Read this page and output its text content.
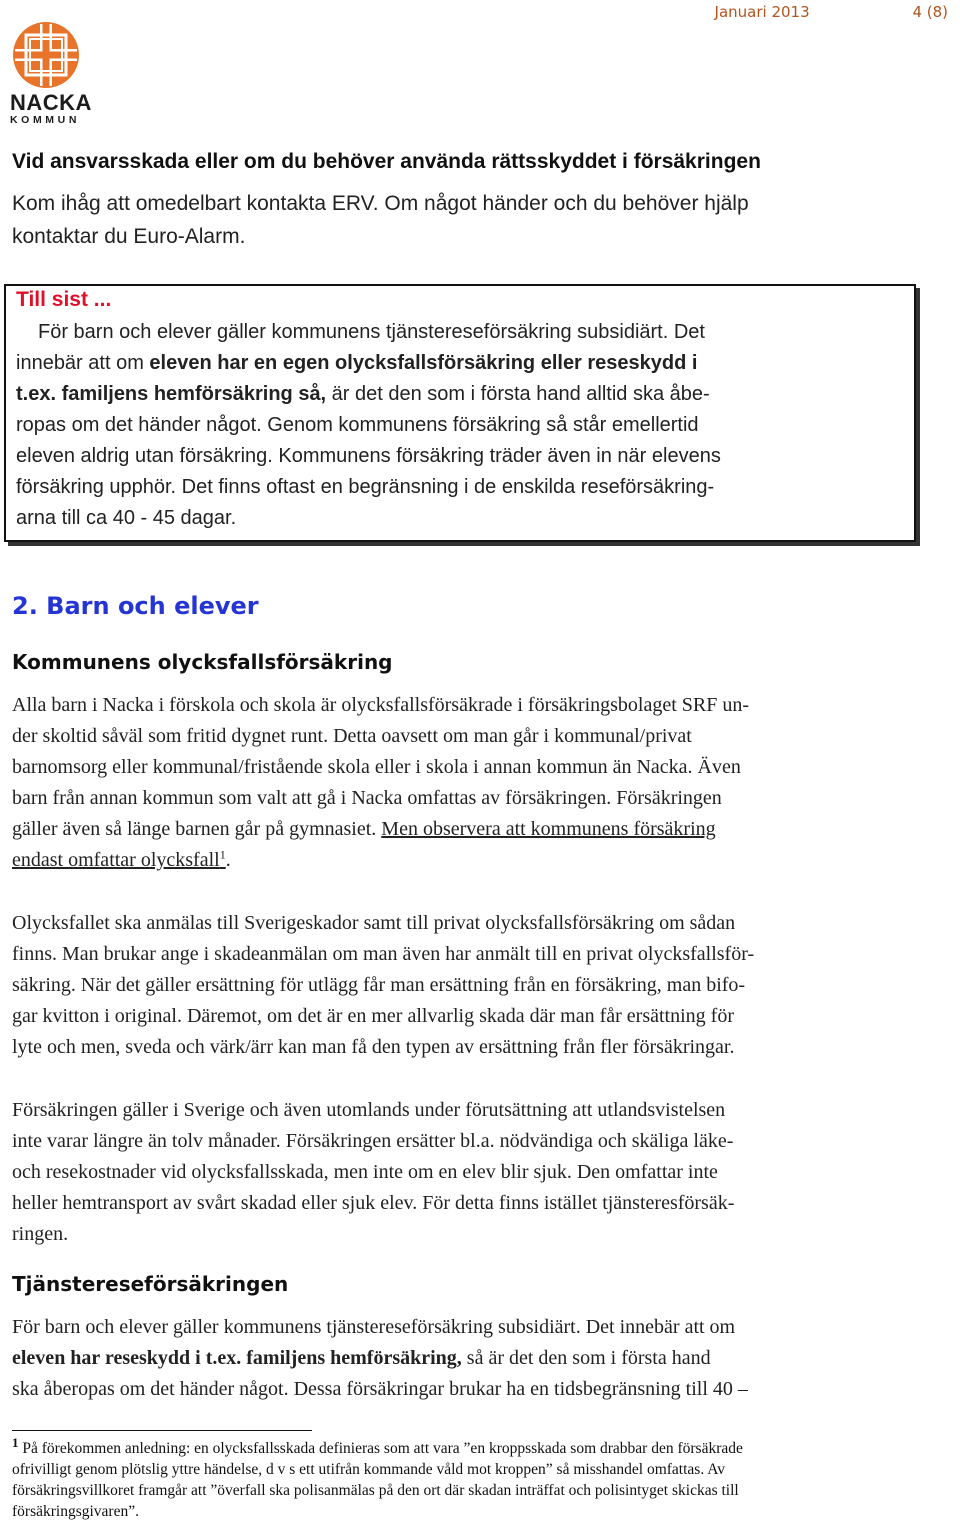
NACKA
KOMMUN
Januari 2013	4 (8)
Vid ansvarsskada eller om du behöver använda rättsskyddet i försäkringen
Kom ihåg att omedelbart kontakta ERV. Om något händer och du behöver hjälp
kontaktar du Euro-Alarm.
Till sist ...
För barn och elever gäller kommunens tjänstereseförsäkring subsidiärt. Det
innebär att om eleven har en egen olycksfallsförsäkring eller reseskydd i
t.ex. familjens hemförsäkring så, är det den som i första hand alltid ska åbe-
ropas om det händer något. Genom kommunens försäkring så står emellertid
eleven aldrig utan försäkring. Kommunens försäkring träder även in när elevens
försäkring upphör. Det finns oftast en begränsning i de enskilda reseförsäkring-
arna till ca 40 - 45 dagar.
2. Barn och elever
Kommunens olycksfallsförsäkring
Alla barn i Nacka i förskola och skola är olycksfallsförsäkrade i försäkringsbolaget SRF un-
der skoltid såväl som fritid dygnet runt. Detta oavsett om man går i kommunal/privat
barnomsorg eller kommunal/fristående skola eller i skola i annan kommun än Nacka. Även
barn från annan kommun som valt att gå i Nacka omfattas av försäkringen. Försäkringen
gäller även så länge barnen går på gymnasiet. Men observera att kommunens försäkring
endast omfattar olycksfall$^1$.
Olycksfallet ska anmälas till Sverigeskador samt till privat olycksfallsförsäkring om sådan
finns. Man brukar ange i skadeanmälan om man även har anmält till en privat olycksfallsför-
säkring. När det gäller ersättning för utlägg får man ersättning från en försäkring, man bifo-
gar kvitton i original. Däremot, om det är en mer allvarlig skada där man får ersättning för
lyte och men, sveda och värk/ärr kan man få den typen av ersättning från fler försäkringar.
Försäkringen gäller i Sverige och även utomlands under förutsättning att utlandsvistelsen
inte varar längre än tolv månader. Försäkringen ersätter bl.a. nödvändiga och skäliga läke-
och resekostnader vid olycksfallsskada, men inte om en elev blir sjuk. Den omfattar inte
heller hemtransport av svårt skadad eller sjuk elev. För detta finns istället tjänsteresförsäk-
ringen.
Tjänstereseförsäkringen
För barn och elever gäller kommunens tjänstereseförsäkring subsidiärt. Det innebär att om
eleven har reseskydd i t.ex. familjens hemförsäkring, så är det den som i första hand
ska åberopas om det händer något. Dessa försäkringar brukar ha en tidsbegränsning till 40 –
$^1$ På förekommen anledning: en olycksfallsskada definieras som att vara ”en kroppsskada som drabbar den försäkrade
ofrivilligt genom plötslig yttre händelse, d v s ett utifrån kommande våld mot kroppen” så misshandel omfattas. Av
försäkringsvillkoret framgår att ”överfall ska polisanmälas på den ort där skadan inträffat och polisintyget skickas till
försäkringsgivaren”.
